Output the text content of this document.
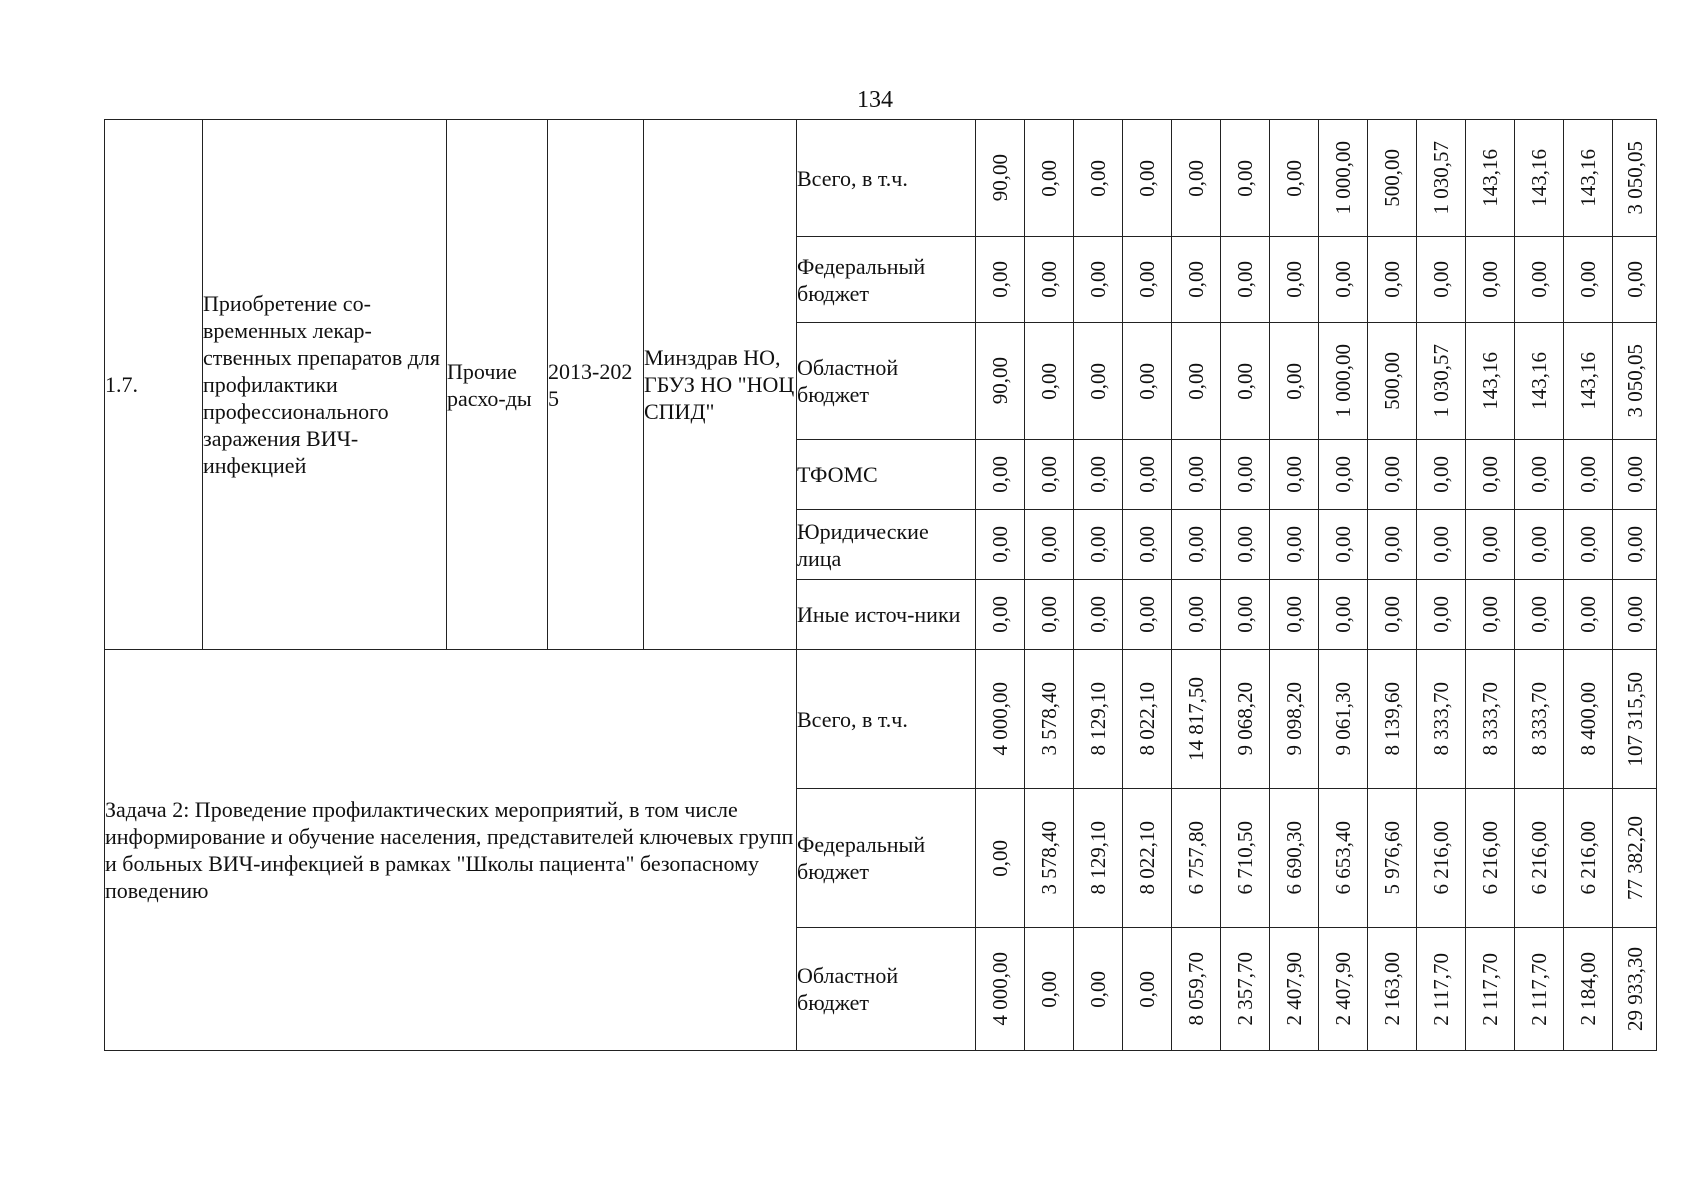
134
1.7.	Приобретение со-временных лекар-ственных препаратов для профилактики профессионального заражения ВИЧ-инфекцией	Прочие расхо-ды	2013-2025	Минздрав НО, ГБУЗ НО "НОЦ СПИД"	Всего, в т.ч.	90,00	0,00	0,00	0,00	0,00	0,00	0,00	1 000,00	500,00	1 030,57	143,16	143,16	143,16	3 050,05

					Федеральный бюджет	0,00	0,00	0,00	0,00	0,00	0,00	0,00	0,00	0,00	0,00	0,00	0,00	0,00	0,00

					Областной бюджет	90,00	0,00	0,00	0,00	0,00	0,00	0,00	1 000,00	500,00	1 030,57	143,16	143,16	143,16	3 050,05

					ТФОМС	0,00	0,00	0,00	0,00	0,00	0,00	0,00	0,00	0,00	0,00	0,00	0,00	0,00	0,00

					Юридические лица	0,00	0,00	0,00	0,00	0,00	0,00	0,00	0,00	0,00	0,00	0,00	0,00	0,00	0,00

					Иные источ-ники	0,00	0,00	0,00	0,00	0,00	0,00	0,00	0,00	0,00	0,00	0,00	0,00	0,00	0,00

Задача 2: Проведение профилактических мероприятий, в том числе информирование и обучение населения, представителей ключевых групп и больных ВИЧ-инфекцией в рамках "Школы пациента" безопасному поведению					Всего, в т.ч.	4 000,00	3 578,40	8 129,10	8 022,10	14 817,50	9 068,20	9 098,20	9 061,30	8 139,60	8 333,70	8 333,70	8 333,70	8 400,00	107 315,50

					Федеральный бюджет	0,00	3 578,40	8 129,10	8 022,10	6 757,80	6 710,50	6 690,30	6 653,40	5 976,60	6 216,00	6 216,00	6 216,00	6 216,00	77 382,20

					Областной бюджет	4 000,00	0,00	0,00	0,00	8 059,70	2 357,70	2 407,90	2 407,90	2 163,00	2 117,70	2 117,70	2 117,70	2 184,00	29 933,30
